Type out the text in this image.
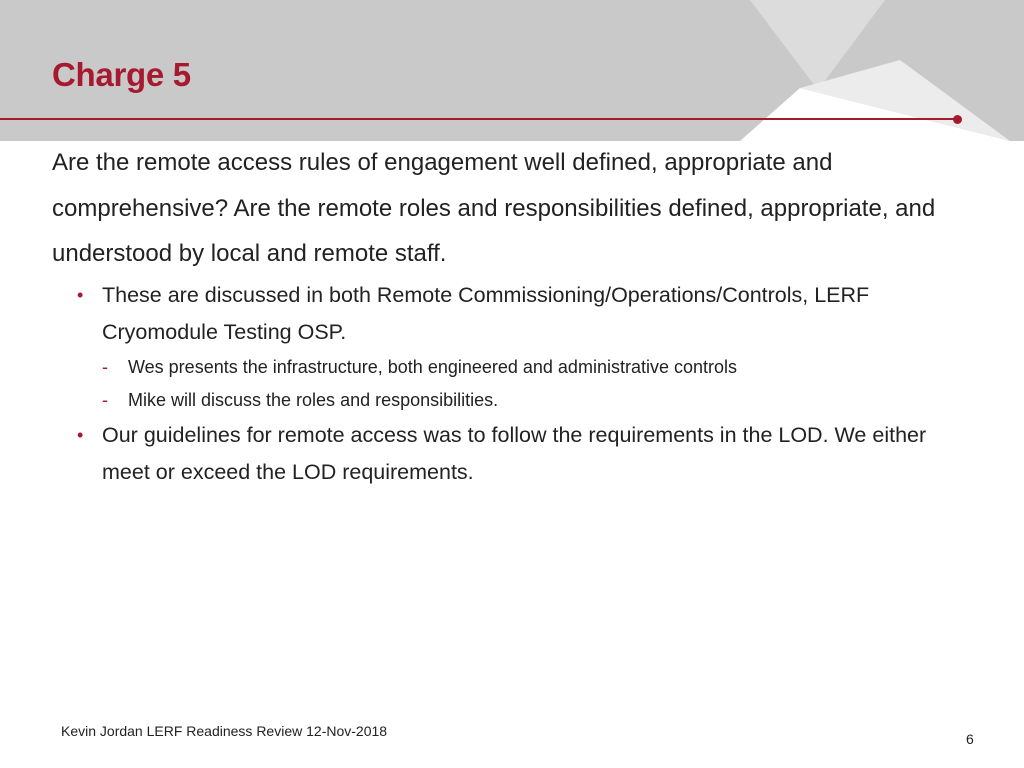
Charge 5

Are the remote access rules of engagement well defined, appropriate and comprehensive? Are the remote roles and responsibilities defined, appropriate, and understood by local and remote staff.

• These are discussed in both Remote Commissioning/Operations/Controls, LERF Cryomodule Testing OSP.
- Wes presents the infrastructure, both engineered and administrative controls
- Mike will discuss the roles and responsibilities.
• Our guidelines for remote access was to follow the requirements in the LOD. We either meet or exceed the LOD requirements.
Kevin Jordan LERF Readiness Review 12-Nov-2018	6
